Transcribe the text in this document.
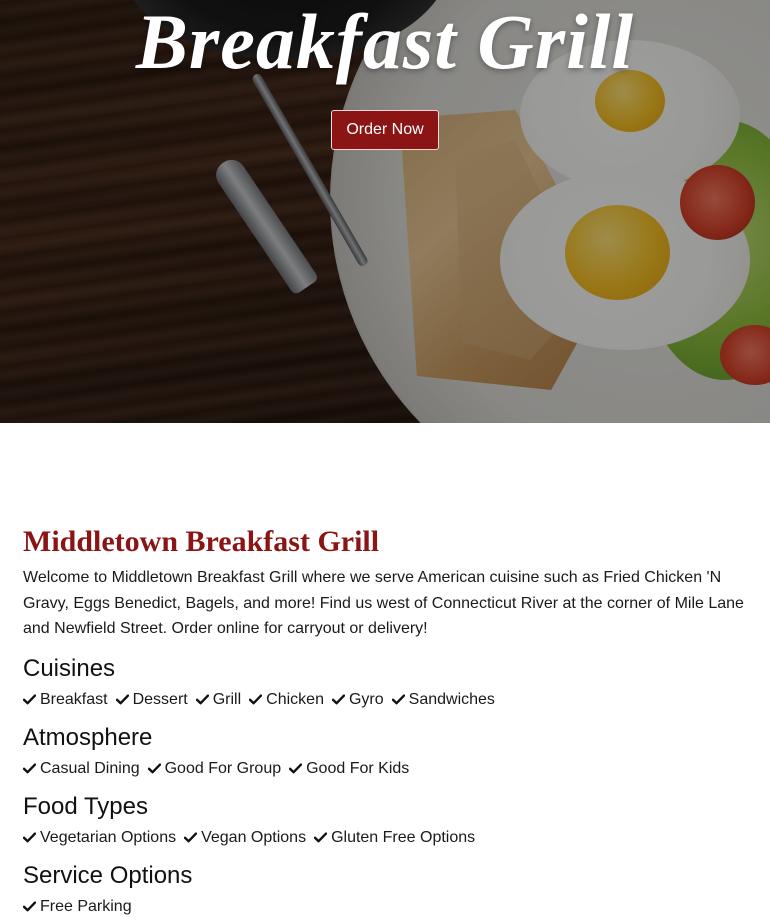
Breakfast Grill
Order Now
Middletown Breakfast Grill

Welcome to Middletown Breakfast Grill where we serve American cuisine such as Fried Chicken 'N Gravy, Eggs Benedict, Bagels, and more! Find us west of Connecticut River at the corner of Mile Lane and Newfield Street. Order online for carryout or delivery!

Cuisines
Breakfast Dessert Grill Chicken Gyro Sandwiches
Atmosphere
Casual Dining Good For Group Good For Kids
Food Types
Vegetarian Options Vegan Options Gluten Free Options
Service Options
Free Parking
